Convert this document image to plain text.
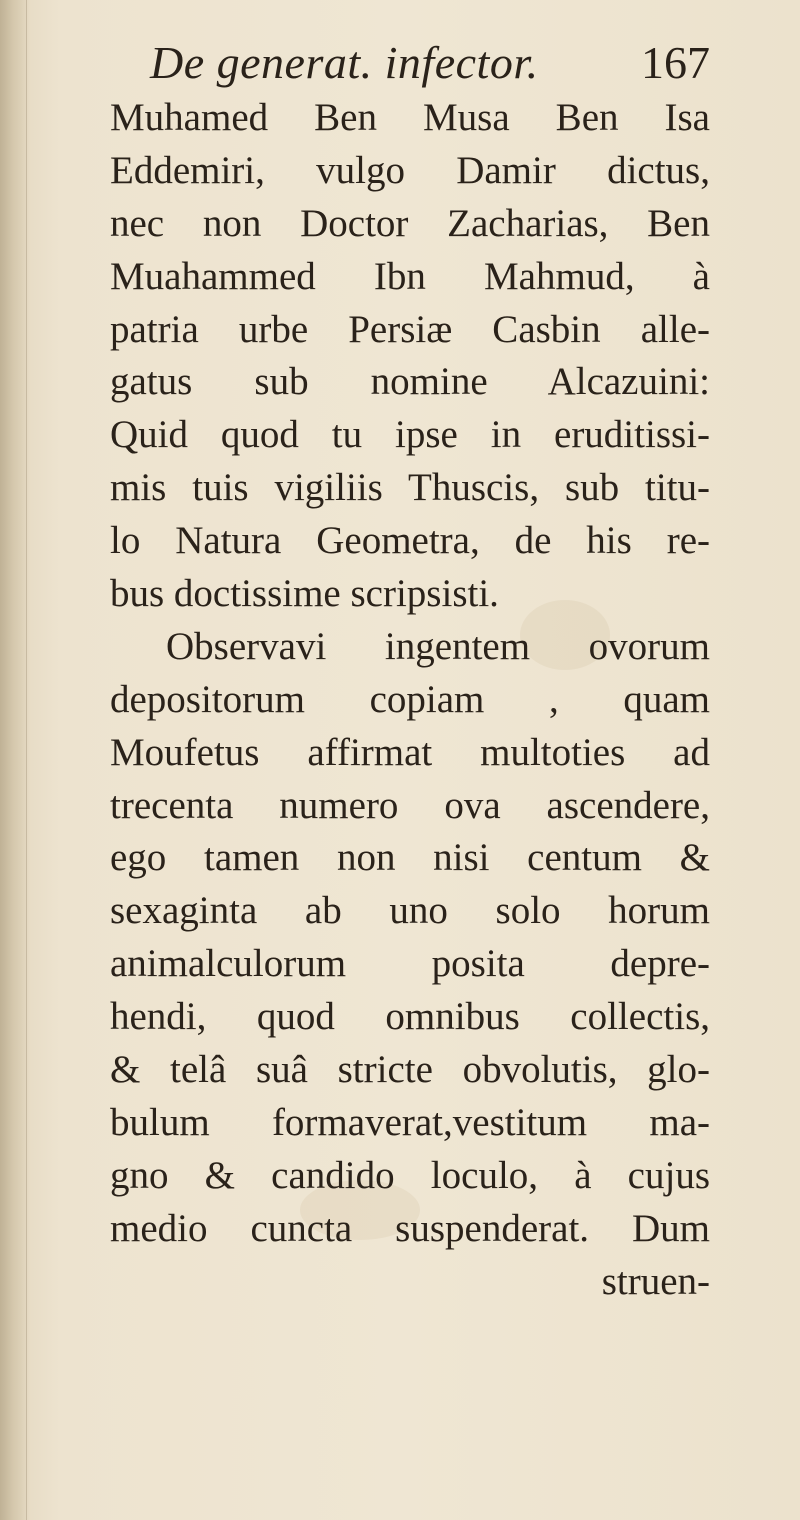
De generat. infector. 167
Muhamed Ben Musa Ben Isa
Eddemiri, vulgo Damir dictus,
nec non Doctor Zacharias, Ben
Muahammed Ibn Mahmud, à
patria urbe Persiæ Casbin alle-
gatus sub nomine Alcazuini:
Quid quod tu ipse in eruditissi-
mis tuis vigiliis Thuscis, sub titu-
lo Natura Geometra, de his re-
bus doctissime scripsisti.
Observavi ingentem ovorum
depositorum copiam , quam
Moufetus affirmat multoties ad
trecenta numero ova ascendere,
ego tamen non nisi centum &
sexaginta ab uno solo horum
animalculorum posita depre-
hendi, quod omnibus collectis,
& telâ suâ stricte obvolutis, glo-
bulum formaverat,vestitum ma-
gno & candido loculo, à cujus
medio cuncta suspenderat. Dum
struen-
